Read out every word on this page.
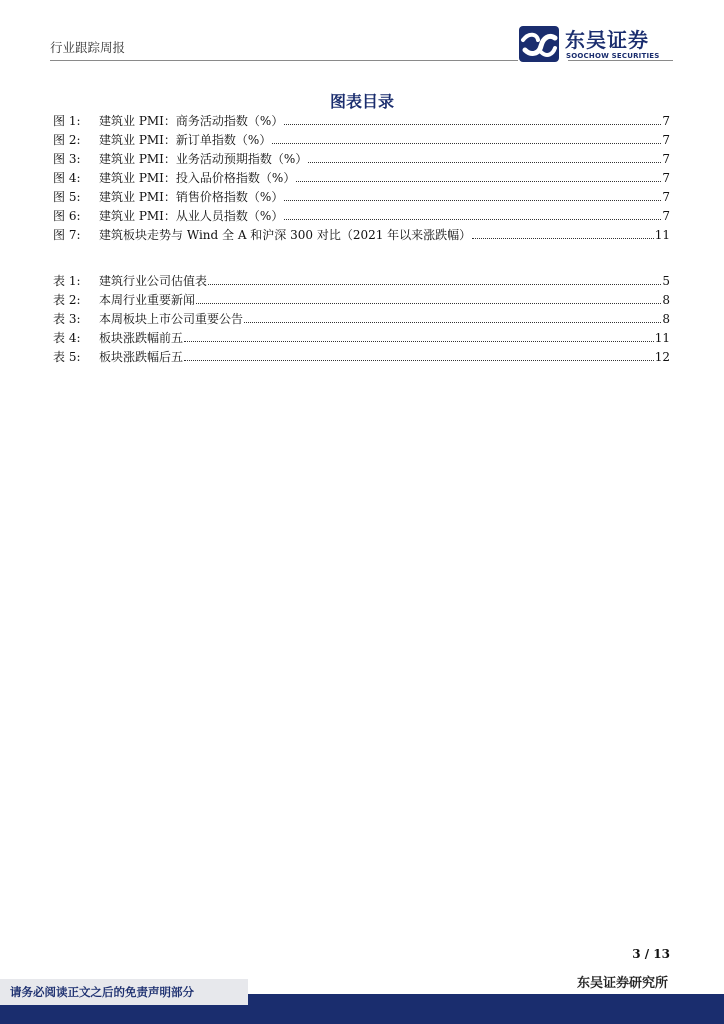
行业跟踪周报	东吴证券
SOOCHOW SECURITIES
图表目录
图 1:	建筑业 PMI：商务活动指数（%）	7
图 2:	建筑业 PMI：新订单指数（%）	7
图 3:	建筑业 PMI：业务活动预期指数（%）	7
图 4:	建筑业 PMI：投入品价格指数（%）	7
图 5:	建筑业 PMI：销售价格指数（%）	7
图 6:	建筑业 PMI：从业人员指数（%）	7
图 7:	建筑板块走势与 Wind 全 A 和沪深 300 对比（2021 年以来涨跌幅）	11
表 1:	建筑行业公司估值表	5
表 2:	本周行业重要新闻	8
表 3:	本周板块上市公司重要公告	8
表 4:	板块涨跌幅前五	11
表 5:	板块涨跌幅后五	12
3 / 13
东吴证券研究所
请务必阅读正文之后的免责声明部分
